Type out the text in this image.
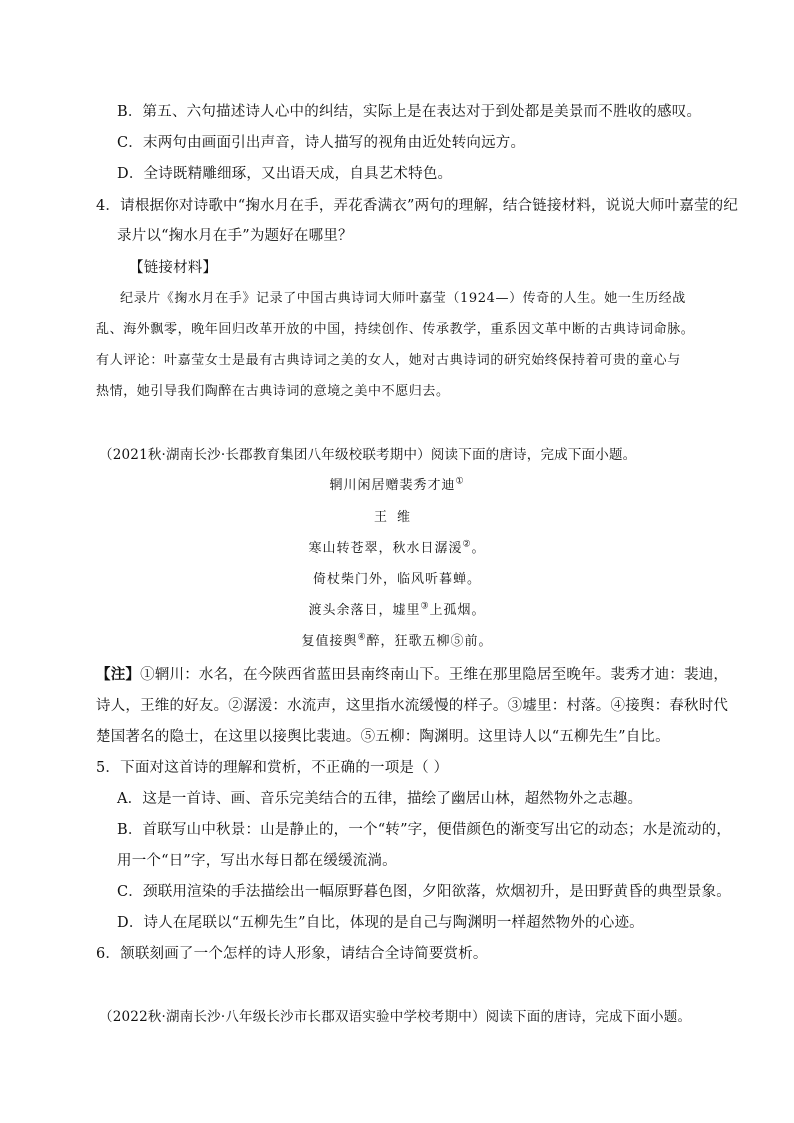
B．第五、六句描述诗人心中的纠结，实际上是在表达对于到处都是美景而不胜收的感叹。
C．末两句由画面引出声音，诗人描写的视角由近处转向远方。
D．全诗既精雕细琢，又出语天成，自具艺术特色。
4．请根据你对诗歌中“掬水月在手，弄花香满衣”两句的理解，结合链接材料，说说大师叶嘉莹的纪
录片以“掬水月在手”为题好在哪里？
【链接材料】
纪录片《掬水月在手》记录了中国古典诗词大师叶嘉莹（1924—）传奇的人生。她一生历经战
乱、海外飘零，晚年回归改革开放的中国，持续创作、传承教学，重系因文革中断的古典诗词命脉。
有人评论：叶嘉莹女士是最有古典诗词之美的女人，她对古典诗词的研究始终保持着可贵的童心与
热情，她引导我们陶醉在古典诗词的意境之美中不愿归去。
（2021秋·湖南长沙·长郡教育集团八年级校联考期中）阅读下面的唐诗，完成下面小题。
辋川闲居赠裴秀才迪①
王维
寒山转苍翠，秋水日潺湲②。
倚杖柴门外，临风听暮蝉。
渡头余落日，墟里③上孤烟。
复值接舆④醉，狂歌五柳⑤前。
【注】①辋川：水名，在今陕西省蓝田县南终南山下。王维在那里隐居至晚年。裴秀才迪：裴迪，
诗人，王维的好友。②潺湲：水流声，这里指水流缓慢的样子。③墟里：村落。④接舆：春秋时代
楚国著名的隐士，在这里以接舆比裴迪。⑤五柳：陶渊明。这里诗人以“五柳先生”自比。
5．下面对这首诗的理解和赏析，不正确的一项是（ ）
A．这是一首诗、画、音乐完美结合的五律，描绘了幽居山林，超然物外之志趣。
B．首联写山中秋景：山是静止的，一个“转”字，便借颜色的渐变写出它的动态；水是流动的，
用一个“日”字，写出水每日都在缓缓流淌。
C．颈联用渲染的手法描绘出一幅原野暮色图，夕阳欲落，炊烟初升，是田野黄昏的典型景象。
D．诗人在尾联以“五柳先生”自比，体现的是自己与陶渊明一样超然物外的心迹。
6．颔联刻画了一个怎样的诗人形象，请结合全诗简要赏析。
（2022秋·湖南长沙·八年级长沙市长郡双语实验中学校考期中）阅读下面的唐诗，完成下面小题。
